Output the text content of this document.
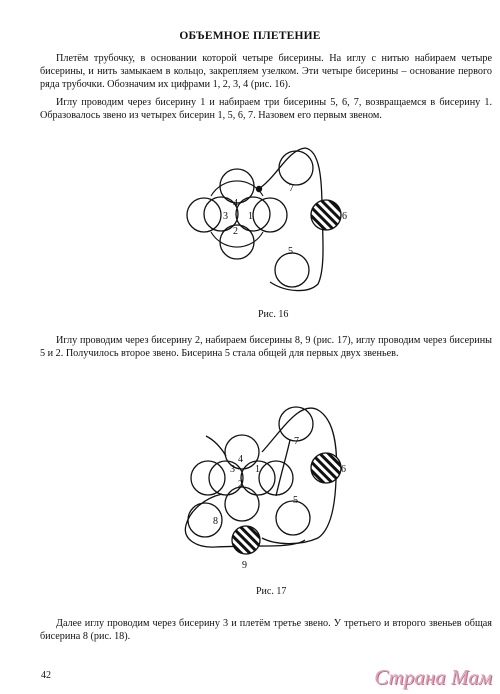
ОБЪЕМНОЕ ПЛЕТЕНИЕ

Плетём трубочку, в основании которой четыре бисерины. На иглу с нитью набираем четыре бисерины, и нить замыкаем в кольцо, закрепляем узелком. Эти четыре бисерины – основание первого ряда трубочки. Обозначим их цифрами 1, 2, 3, 4 (рис. 16).

Иглу проводим через бисерину 1 и набираем три бисерины 5, 6, 7, возвращаемся в бисерину 1. Образовалось звено из четырех бисерин 1, 5, 6, 7. Назовем его первым звеном.

4
3 1
2
7
6
5
Рис. 16

Иглу проводим через бисерину 2, набираем бисерины 8, 9 (рис. 17), иглу проводим через бисерины 5 и 2. Получилось второе звено. Бисерина 5 стала общей для первых двух звеньев.

4
3 1
2
7
6
5
8
9
Рис. 17

Далее иглу проводим через бисерину 3 и плетём третье звено. У третьего и второго звеньев общая бисерина 8 (рис. 18).

42	Страна Мам
